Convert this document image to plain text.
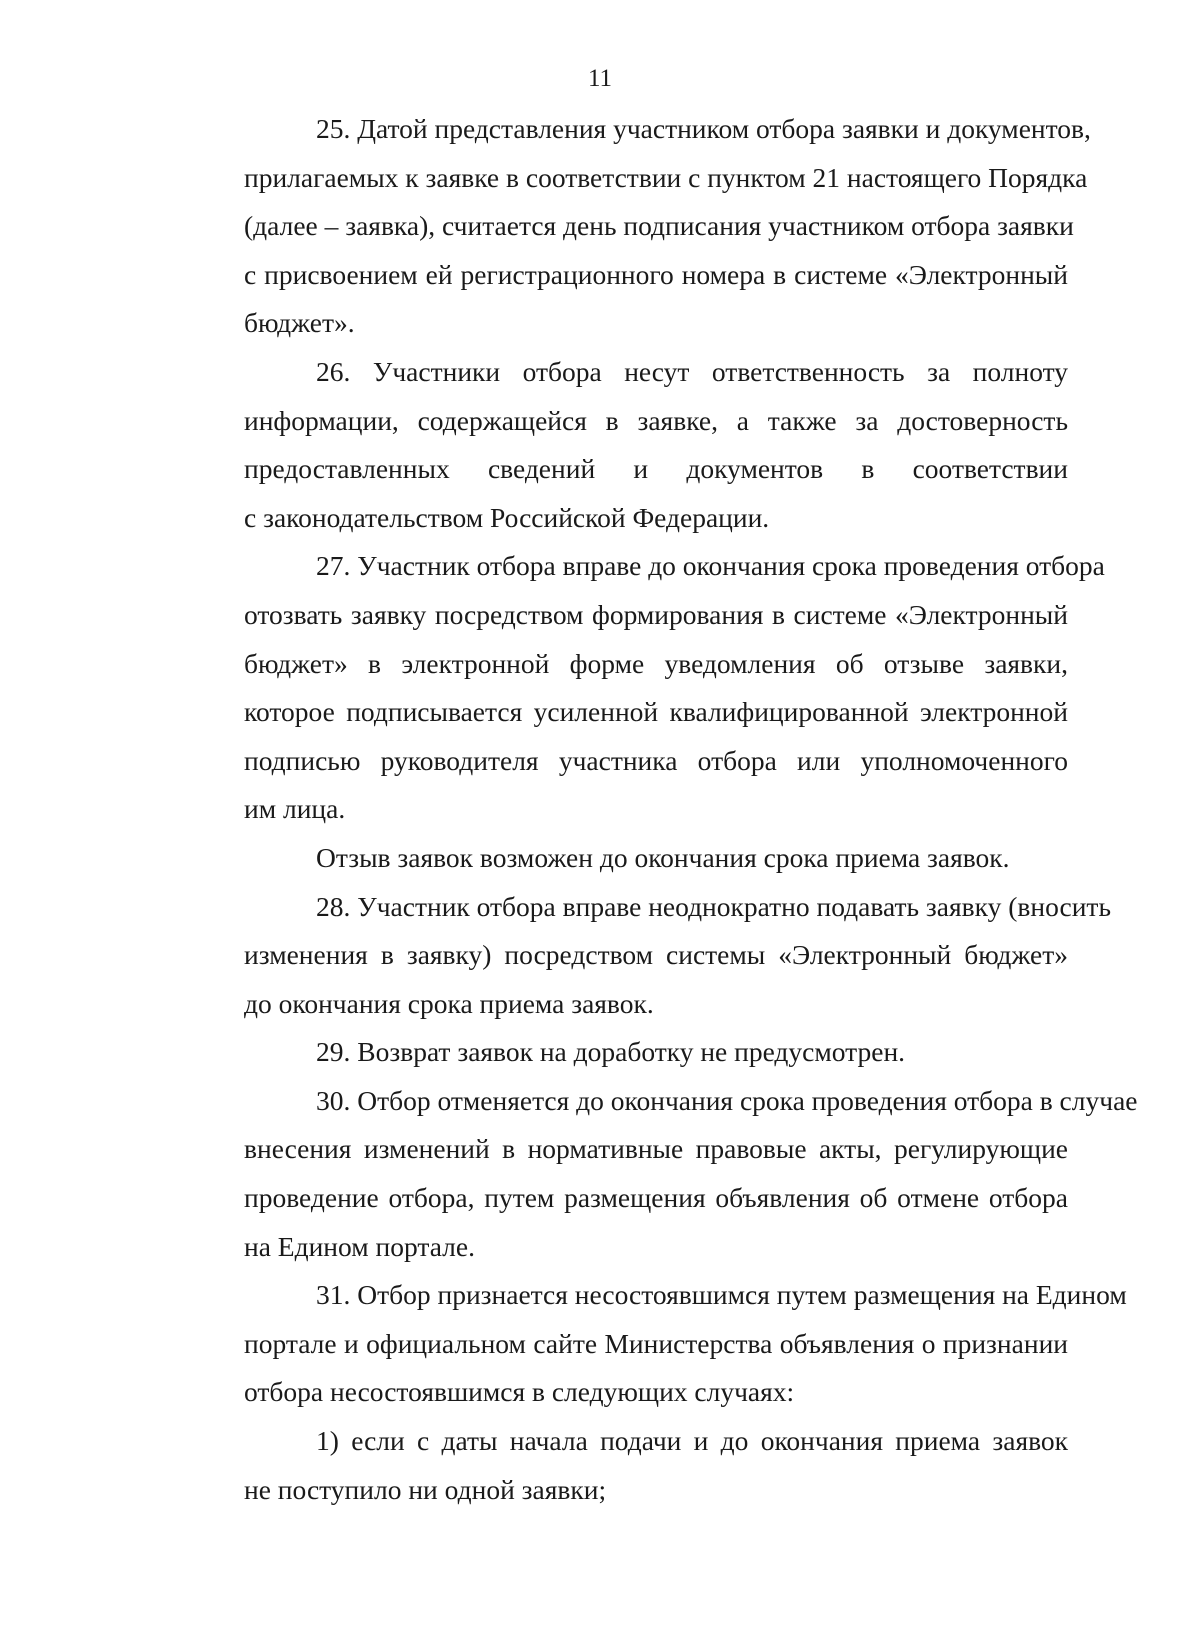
11
25. Датой представления участником отбора заявки и документов,
прилагаемых к заявке в соответствии с пунктом 21 настоящего Порядка
(далее – заявка), считается день подписания участником отбора заявки
с присвоением ей регистрационного номера в системе «Электронный
бюджет».
26. Участники отбора несут ответственность за полноту
информации, содержащейся в заявке, а также за достоверность
предоставленных сведений и документов в соответствии
с законодательством Российской Федерации.
27. Участник отбора вправе до окончания срока проведения отбора
отозвать заявку посредством формирования в системе «Электронный
бюджет» в электронной форме уведомления об отзыве заявки,
которое подписывается усиленной квалифицированной электронной
подписью руководителя участника отбора или уполномоченного
им лица.
Отзыв заявок возможен до окончания срока приема заявок.
28. Участник отбора вправе неоднократно подавать заявку (вносить
изменения в заявку) посредством системы «Электронный бюджет»
до окончания срока приема заявок.
29. Возврат заявок на доработку не предусмотрен.
30. Отбор отменяется до окончания срока проведения отбора в случае
внесения изменений в нормативные правовые акты, регулирующие
проведение отбора, путем размещения объявления об отмене отбора
на Едином портале.
31. Отбор признается несостоявшимся путем размещения на Едином
портале и официальном сайте Министерства объявления о признании
отбора несостоявшимся в следующих случаях:
1) если с даты начала подачи и до окончания приема заявок
не поступило ни одной заявки;
